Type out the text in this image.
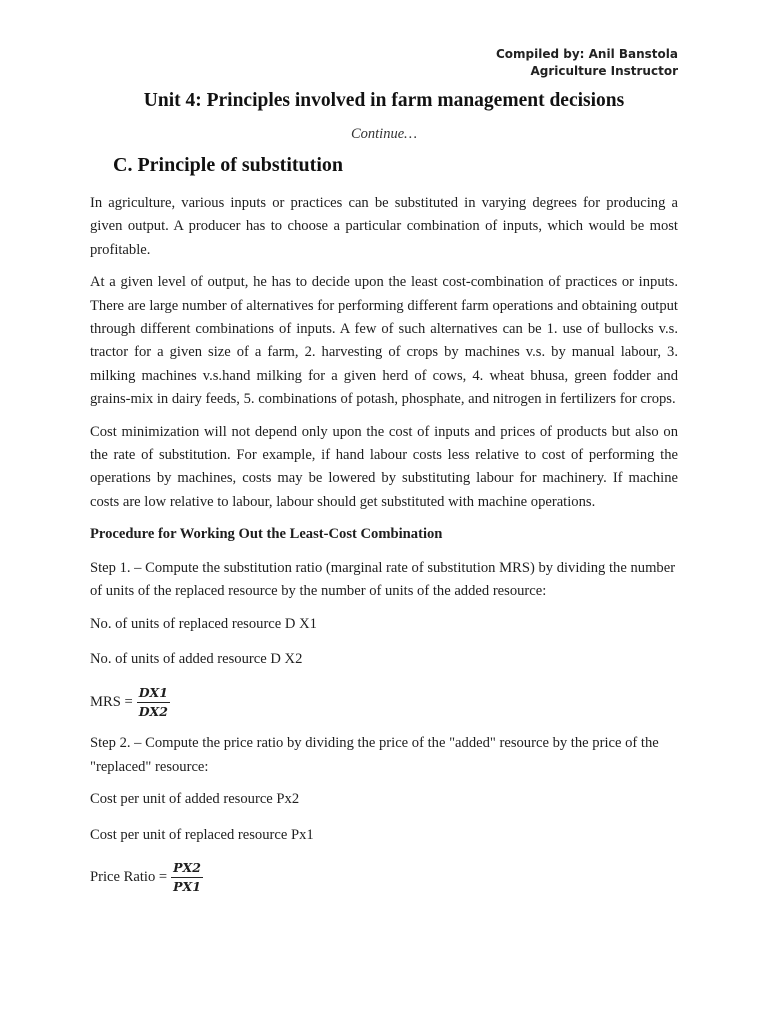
Compiled by: Anil Banstola
Agriculture Instructor
Unit 4: Principles involved in farm management decisions
Continue…
C. Principle of substitution

In agriculture, various inputs or practices can be substituted in varying degrees for producing a given output. A producer has to choose a particular combination of inputs, which would be most profitable.

At a given level of output, he has to decide upon the least cost-combination of practices or inputs. There are large number of alternatives for performing different farm operations and obtaining output through different combinations of inputs. A few of such alternatives can be 1. use of bullocks v.s. tractor for a given size of a farm, 2. harvesting of crops by machines v.s. by manual labour, 3. milking machines v.s.hand milking for a given herd of cows, 4. wheat bhusa, green fodder and grains-mix in dairy feeds, 5. combinations of potash, phosphate, and nitrogen in fertilizers for crops.

Cost minimization will not depend only upon the cost of inputs and prices of products but also on the rate of substitution. For example, if hand labour costs less relative to cost of performing the operations by machines, costs may be lowered by substituting labour for machinery. If machine costs are low relative to labour, labour should get substituted with machine operations.

Procedure for Working Out the Least-Cost Combination

Step 1. – Compute the substitution ratio (marginal rate of substitution MRS) by dividing the number of units of the replaced resource by the number of units of the added resource:

No. of units of replaced resource D X1

No. of units of added resource D X2

MRS = $\frac{DX1}{DX2}$

Step 2. – Compute the price ratio by dividing the price of the "added" resource by the price of the "replaced" resource:

Cost per unit of added resource Px2

Cost per unit of replaced resource Px1

Price Ratio = $\frac{PX2}{PX1}$
